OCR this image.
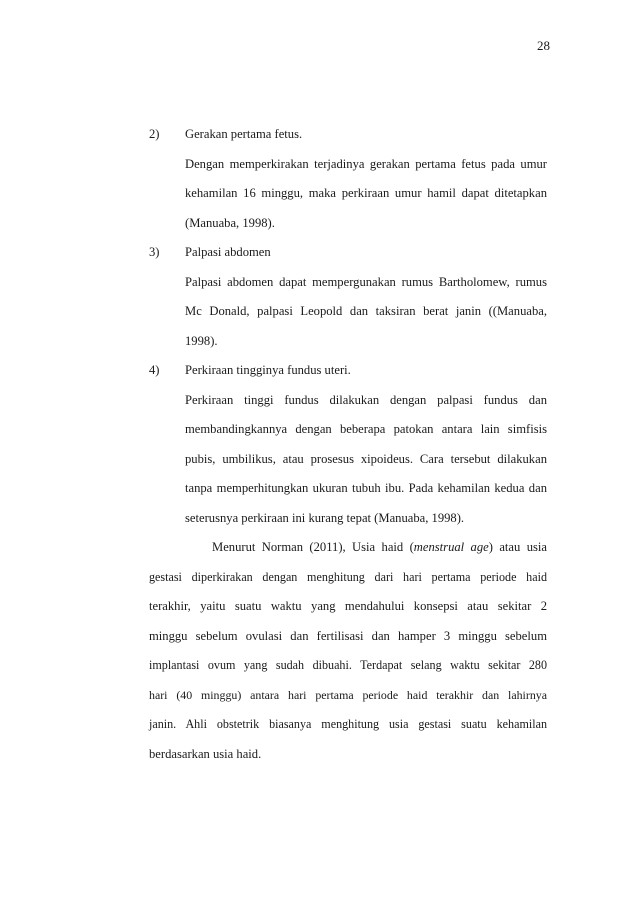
28
2)	Gerakan pertama fetus.
Dengan memperkirakan terjadinya gerakan pertama fetus pada umur
kehamilan 16 minggu, maka perkiraan umur hamil dapat ditetapkan
(Manuaba, 1998).
3)	Palpasi abdomen
Palpasi abdomen dapat mempergunakan rumus Bartholomew, rumus
Mc Donald, palpasi Leopold dan taksiran berat janin ((Manuaba,
1998).
4)	Perkiraan tingginya fundus uteri.
Perkiraan tinggi fundus dilakukan dengan palpasi fundus dan
membandingkannya dengan beberapa patokan antara lain simfisis
pubis, umbilikus, atau prosesus xipoideus. Cara tersebut dilakukan
tanpa memperhitungkan ukuran tubuh ibu. Pada kehamilan kedua dan
seterusnya perkiraan ini kurang tepat (Manuaba, 1998).
Menurut Norman (2011), Usia haid (menstrual age) atau usia
gestasi diperkirakan dengan menghitung dari hari pertama periode haid
terakhir, yaitu suatu waktu yang mendahului konsepsi atau sekitar 2
minggu sebelum ovulasi dan fertilisasi dan hamper 3 minggu sebelum
implantasi ovum yang sudah dibuahi. Terdapat selang waktu sekitar 280
hari (40 minggu) antara hari pertama periode haid terakhir dan lahirnya
janin. Ahli obstetrik biasanya menghitung usia gestasi suatu kehamilan
berdasarkan usia haid.
